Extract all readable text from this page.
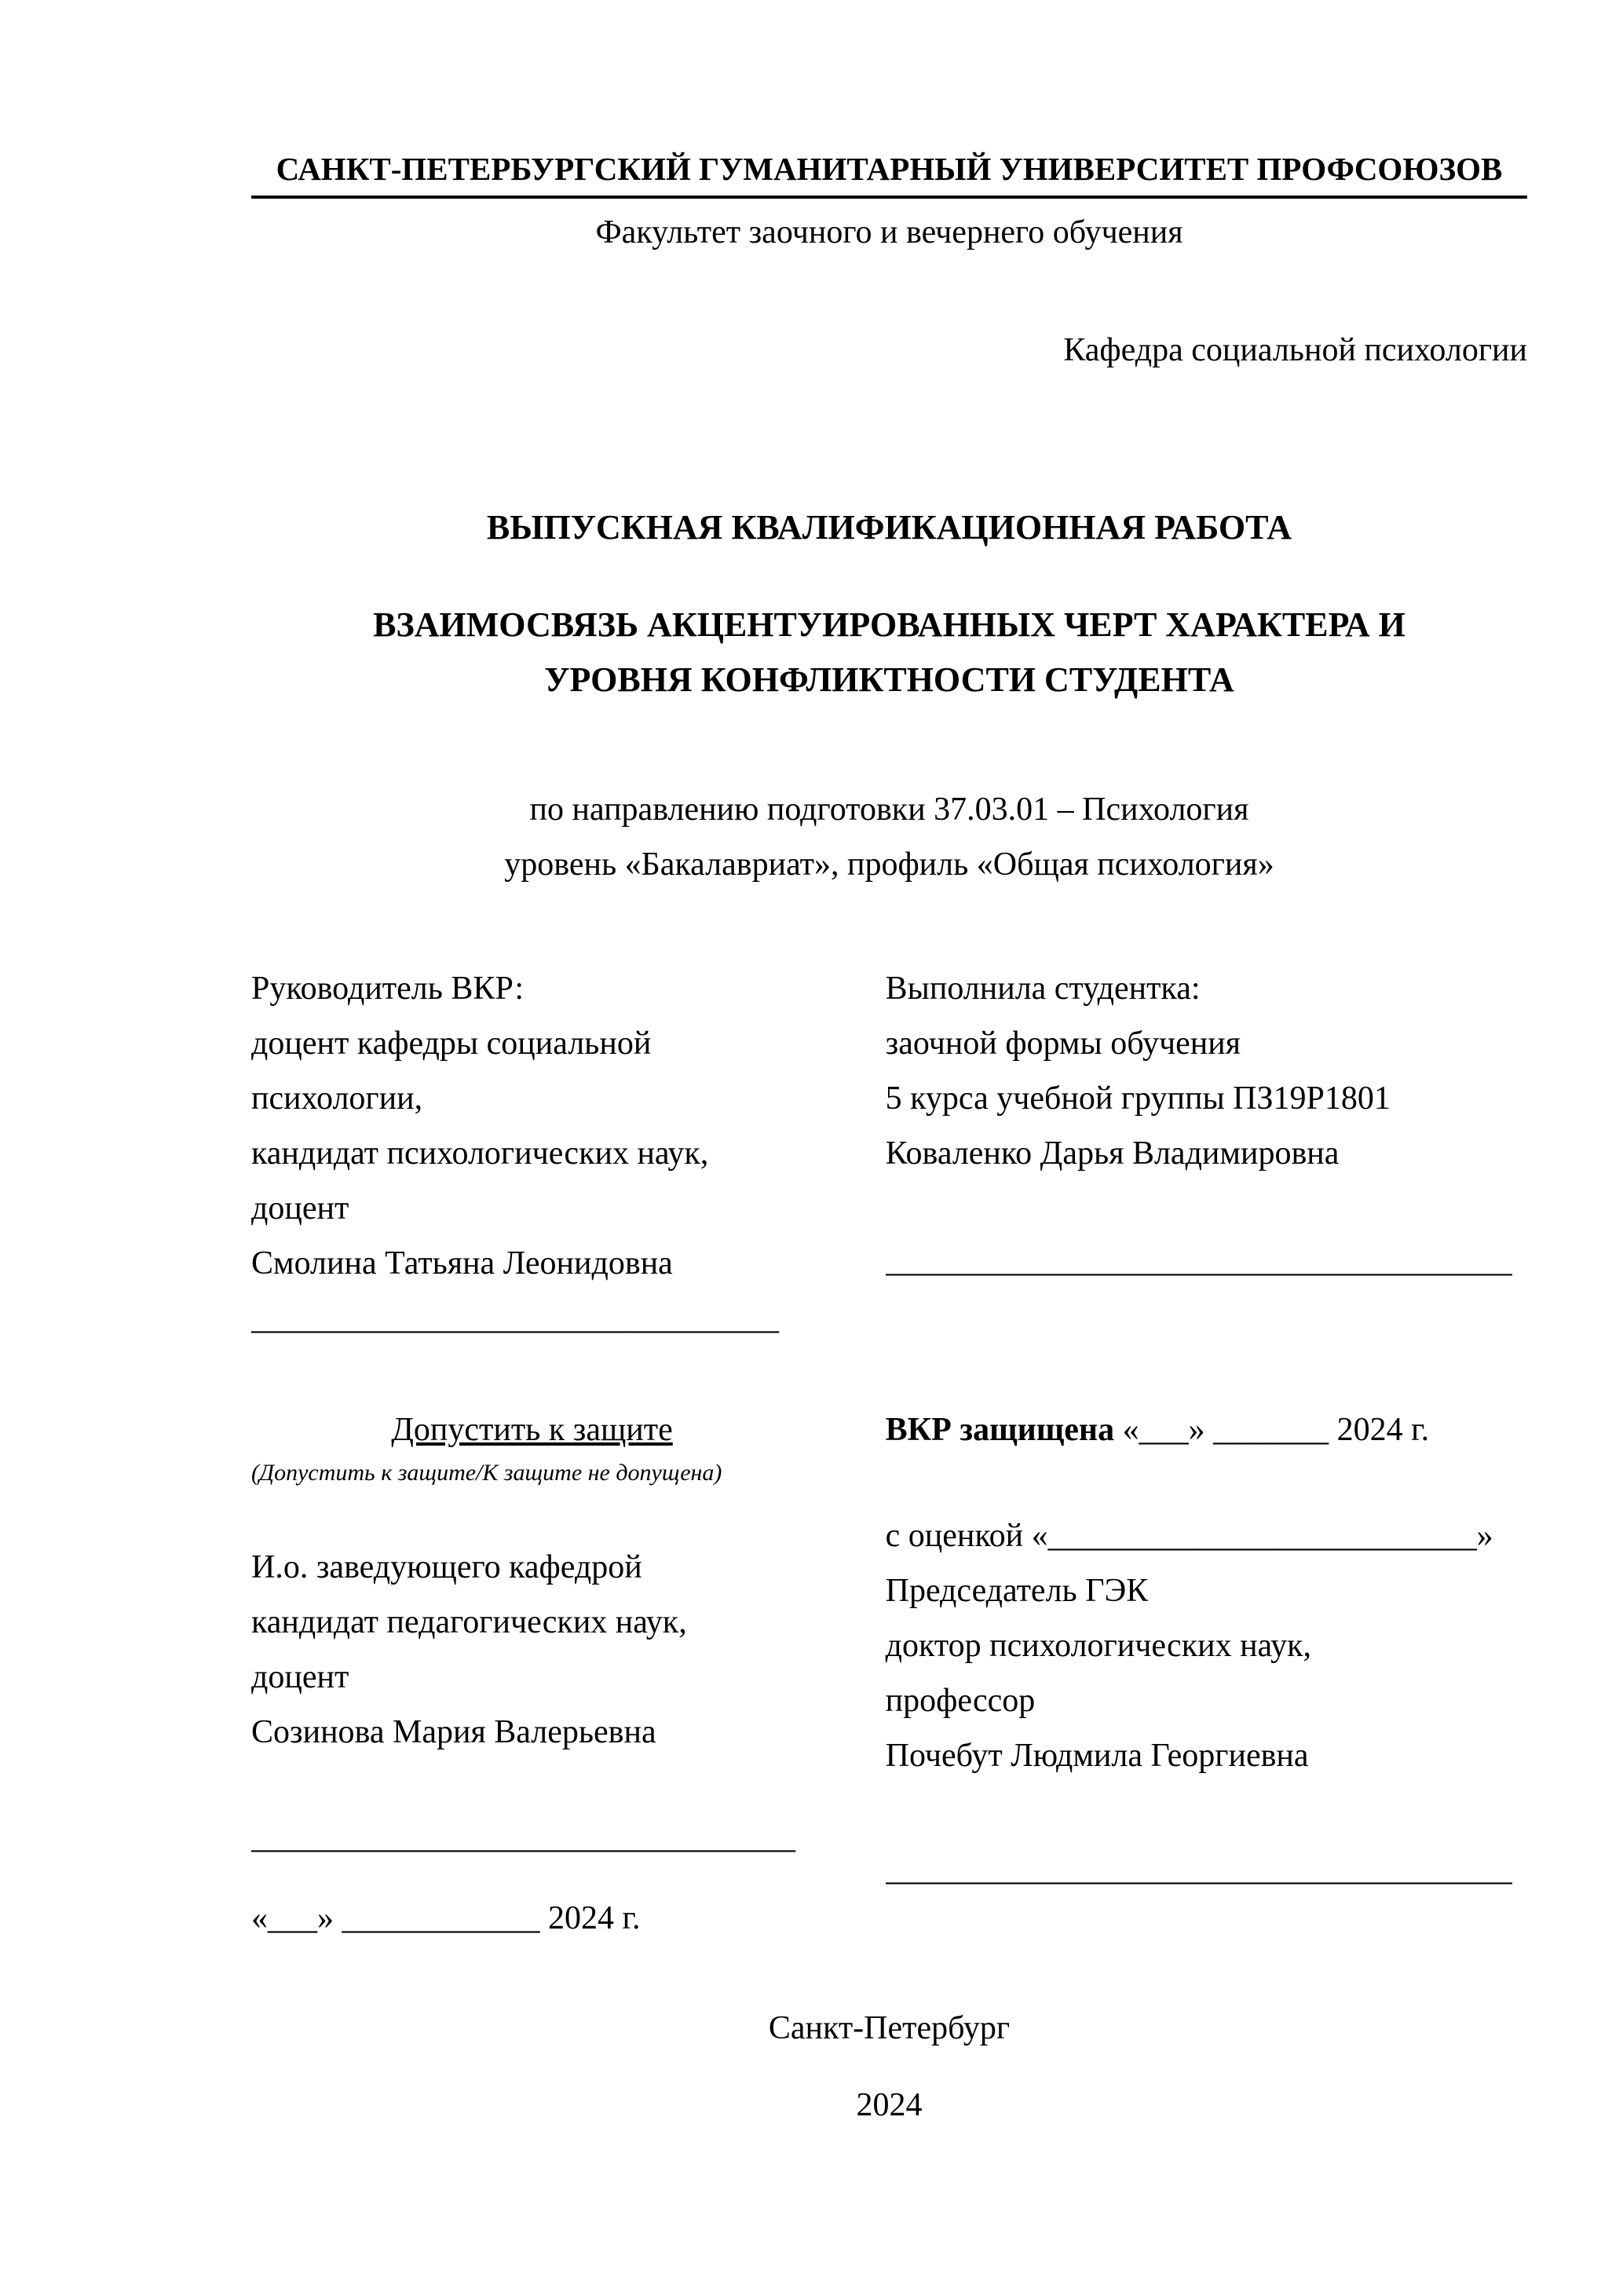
САНКТ-ПЕТЕРБУРГСКИЙ ГУМАНИТАРНЫЙ УНИВЕРСИТЕТ ПРОФСОЮЗОВ
Факультет заочного и вечернего обучения
Кафедра социальной психологии
ВЫПУСКНАЯ КВАЛИФИКАЦИОННАЯ РАБОТА
ВЗАИМОСВЯЗЬ АКЦЕНТУИРОВАННЫХ ЧЕРТ ХАРАКТЕРА И
УРОВНЯ КОНФЛИКТНОСТИ СТУДЕНТА
по направлению подготовки 37.03.01 – Психология
уровень «Бакалавриат», профиль «Общая психология»
Руководитель ВКР:
доцент кафедры социальной
психологии,
кандидат психологических наук,
доцент
Смолина Татьяна Леонидовна
________________________________
Выполнила студентка:
заочной формы обучения
5 курса учебной группы ПЗ19Р1801
Коваленко Дарья Владимировна
______________________________________
Допустить к защите
(Допустить к защите/К защите не допущена)
И.о. заведующего кафедрой
кандидат педагогических наук,
доцент
Созинова Мария Валерьевна
_________________________________
«___» ____________ 2024 г.
ВКР защищена «___» _______ 2024 г.
с оценкой «__________________________»
Председатель ГЭК
доктор психологических наук,
профессор
Почебут Людмила Георгиевна
______________________________________
Санкт-Петербург
2024
